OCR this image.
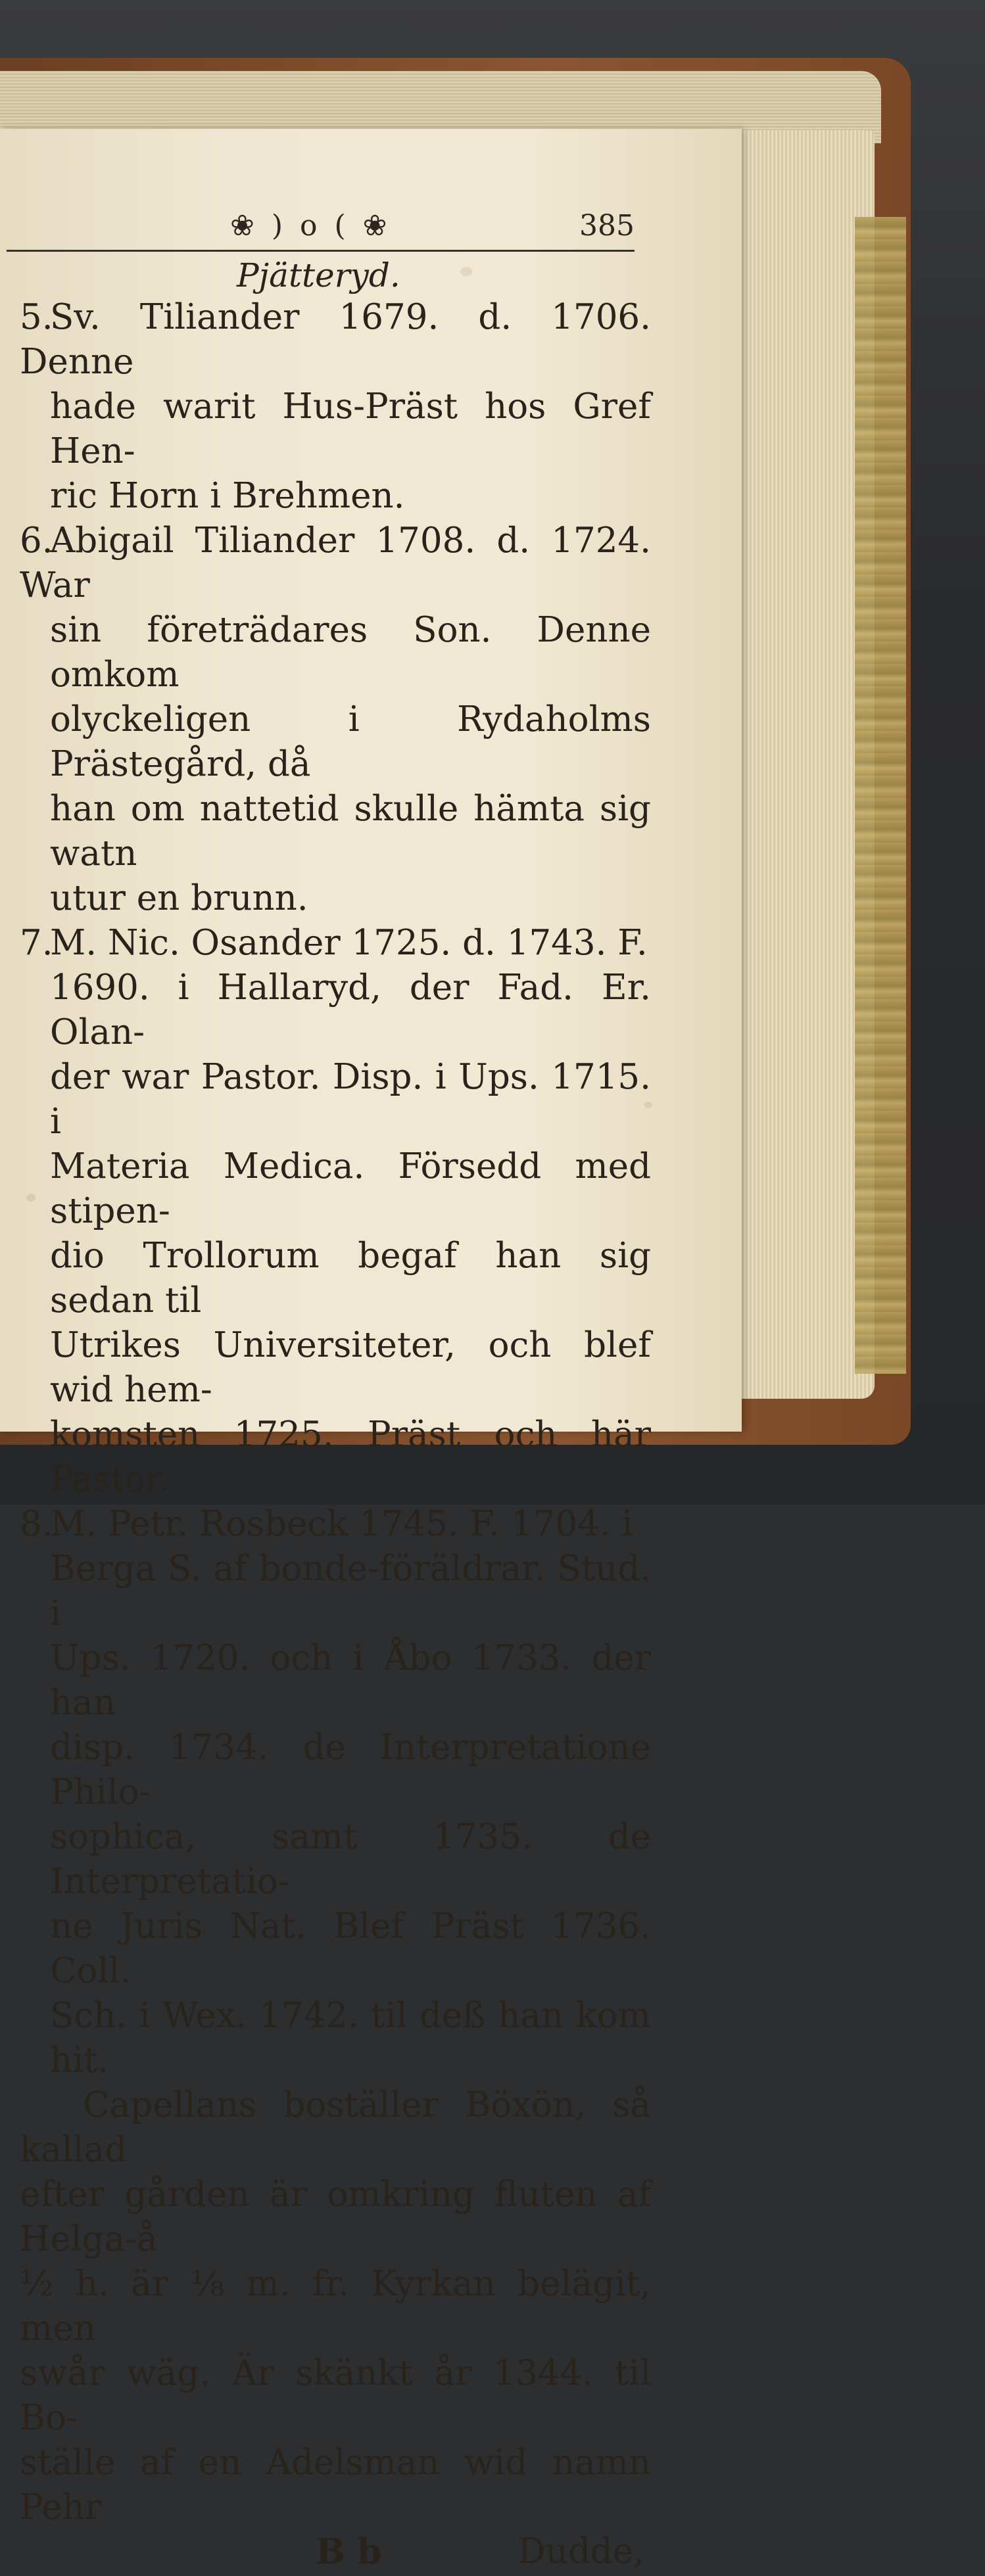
❀ ) o ( ❀	385
Pjätteryd.
5.Sv. Tiliander 1679. d. 1706. Denne
hade warit Hus-Präst hos Gref Hen-
ric Horn i Brehmen.
6.Abigail Tiliander 1708. d. 1724. War
sin företrädares Son. Denne omkom
olyckeligen i Rydaholms Prästegård, då
han om nattetid skulle hämta sig watn
utur en brunn.
7.M. Nic. Osander 1725. d. 1743. F.
1690. i Hallaryd, der Fad. Er. Olan-
der war Pastor. Disp. i Ups. 1715. i
Materia Medica. Försedd med stipen-
dio Trollorum begaf han sig sedan til
Utrikes Universiteter, och blef wid hem-
komsten 1725. Präst och här Pastor.
8.M. Petr. Rosbeck 1745. F. 1704. i
Berga S. af bonde-föräldrar. Stud. i
Ups. 1720. och i Åbo 1733. der han
disp. 1734. de Interpretatione Philo-
sophica, samt 1735. de Interpretatio-
ne Juris Nat. Blef Präst 1736. Coll.
Sch. i Wex. 1742. til deß han kom hit.
Capellans boställer Böxön, så kallad
efter gården är omkring fluten af Helga-å
½ h. är ⅛ m. fr. Kyrkan belägit, men
swår wäg. Är skänkt år 1344. til Bo-
ställe af en Adelsman wid namn Pehr
B b	Dudde,
